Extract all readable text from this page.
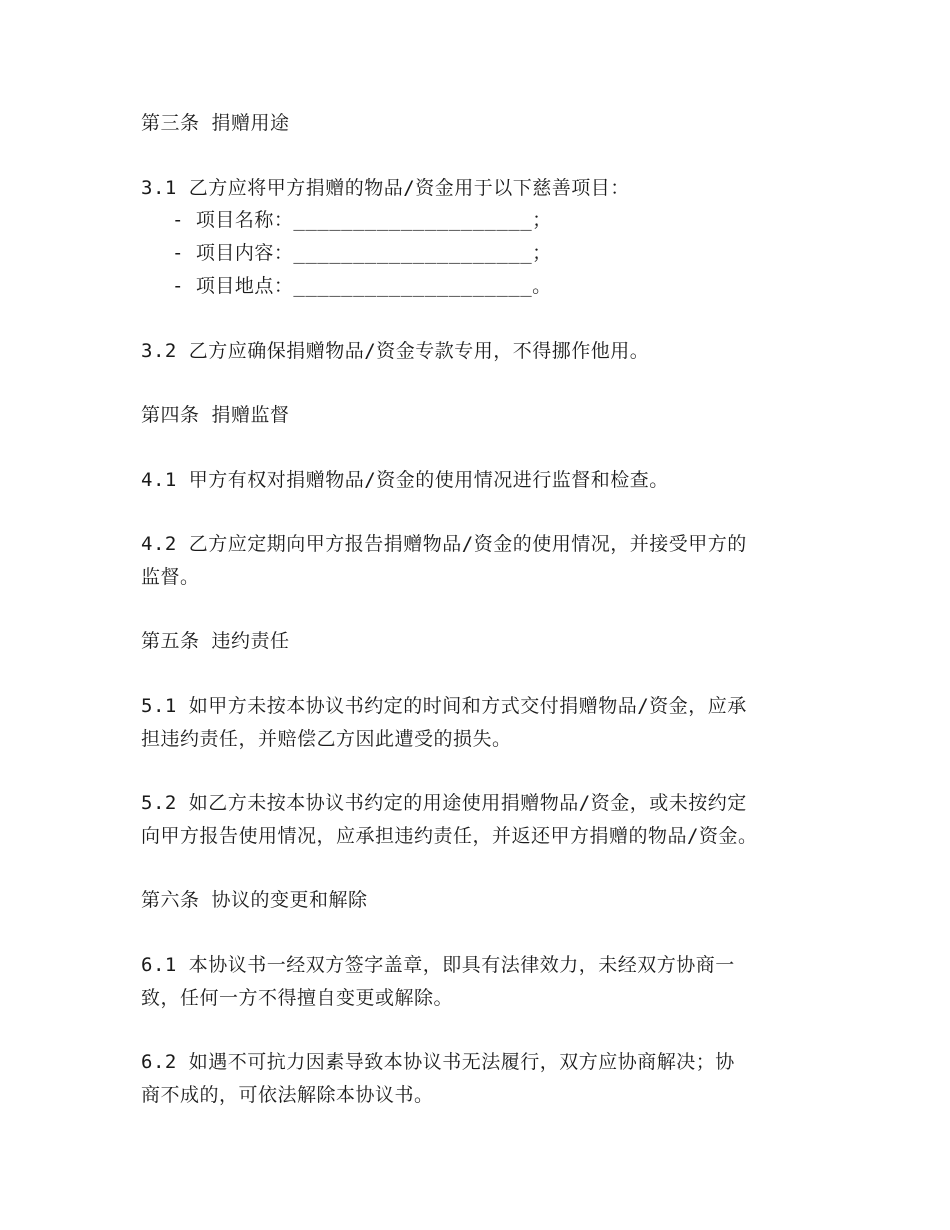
第三条 捐赠用途
3.1 乙方应将甲方捐赠的物品/资金用于以下慈善项目：
- 项目名称：____________________；
- 项目内容：____________________；
- 项目地点：____________________。
3.2 乙方应确保捐赠物品/资金专款专用，不得挪作他用。
第四条 捐赠监督
4.1 甲方有权对捐赠物品/资金的使用情况进行监督和检查。
4.2 乙方应定期向甲方报告捐赠物品/资金的使用情况，并接受甲方的
监督。
第五条 违约责任
5.1 如甲方未按本协议书约定的时间和方式交付捐赠物品/资金，应承
担违约责任，并赔偿乙方因此遭受的损失。
5.2 如乙方未按本协议书约定的用途使用捐赠物品/资金，或未按约定
向甲方报告使用情况，应承担违约责任，并返还甲方捐赠的物品/资金。
第六条 协议的变更和解除
6.1 本协议书一经双方签字盖章，即具有法律效力，未经双方协商一
致，任何一方不得擅自变更或解除。
6.2 如遇不可抗力因素导致本协议书无法履行，双方应协商解决；协
商不成的，可依法解除本协议书。
